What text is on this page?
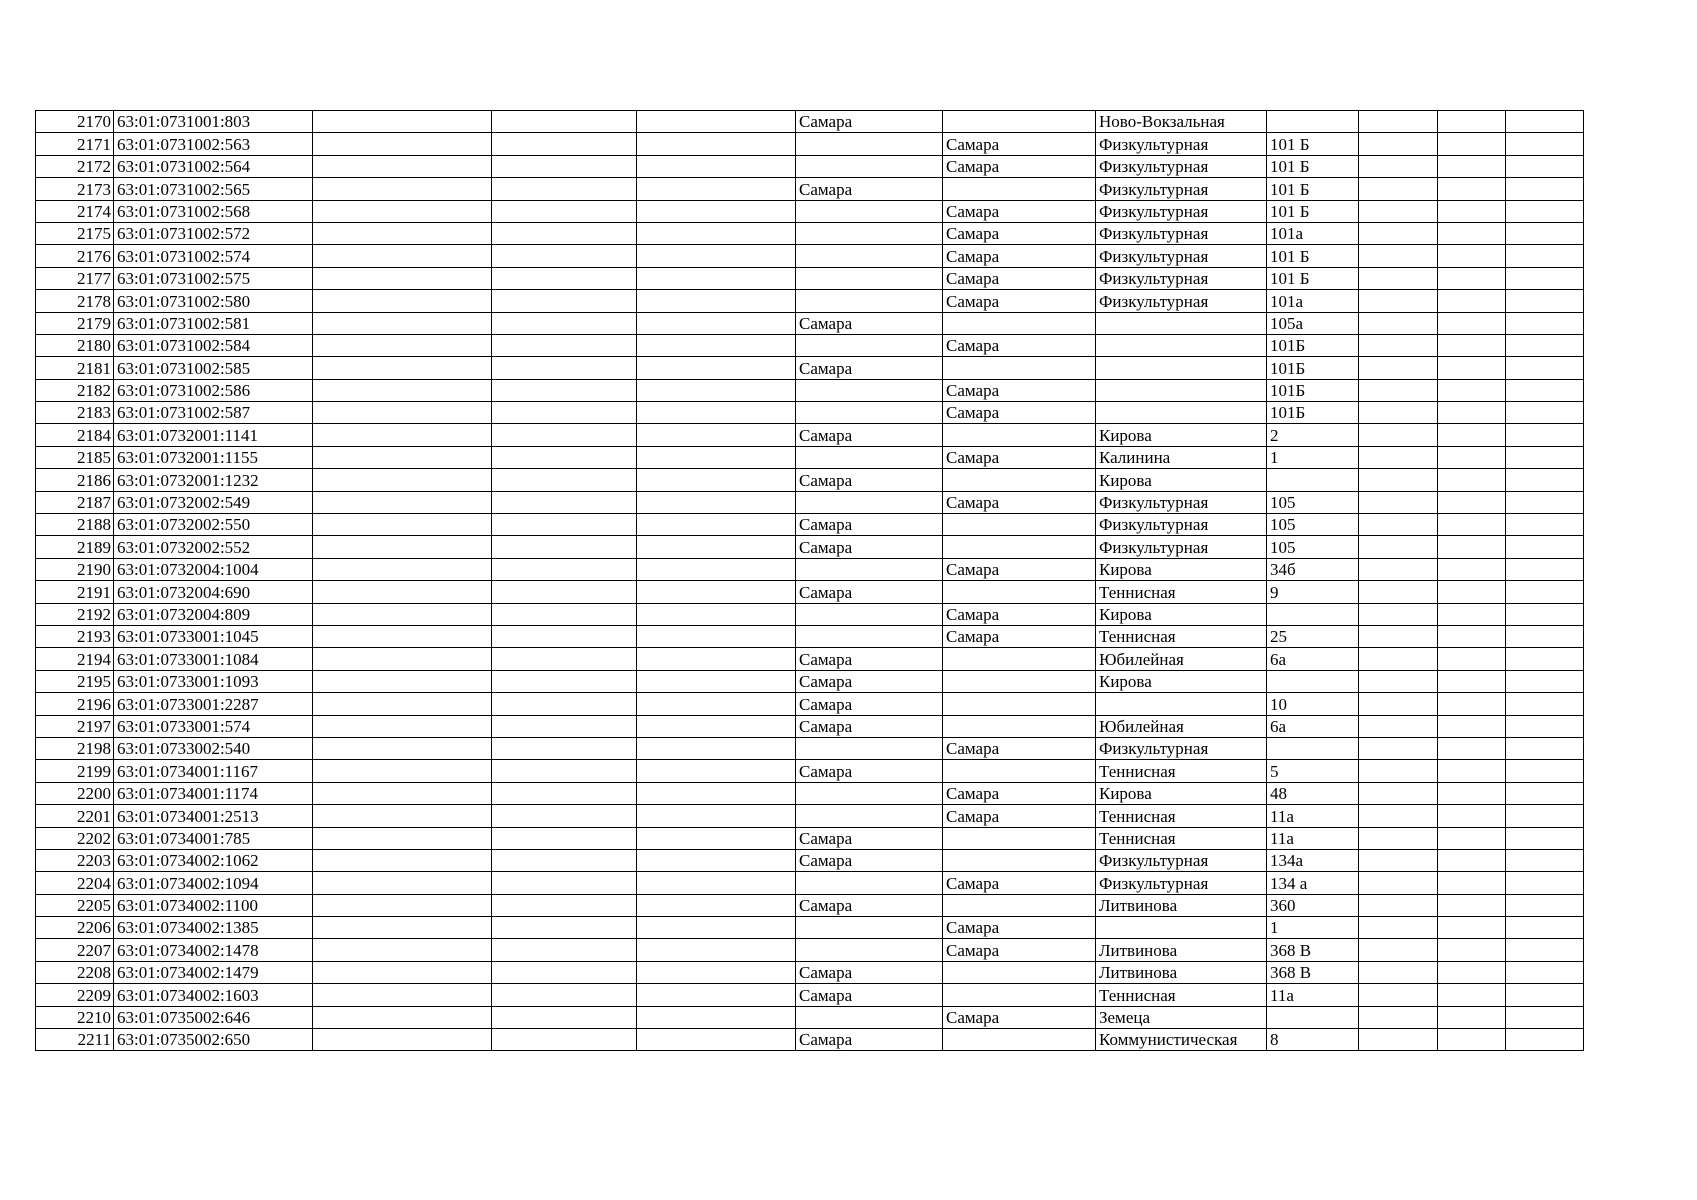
2170	63:01:0731001:803				Самара		Ново-Вокзальная				
2171	63:01:0731002:563					Самара	Физкультурная	101 Б			
2172	63:01:0731002:564					Самара	Физкультурная	101 Б			
2173	63:01:0731002:565				Самара		Физкультурная	101 Б			
2174	63:01:0731002:568					Самара	Физкультурная	101 Б			
2175	63:01:0731002:572					Самара	Физкультурная	101а			
2176	63:01:0731002:574					Самара	Физкультурная	101 Б			
2177	63:01:0731002:575					Самара	Физкультурная	101 Б			
2178	63:01:0731002:580					Самара	Физкультурная	101а			
2179	63:01:0731002:581				Самара			105а			
2180	63:01:0731002:584					Самара		101Б			
2181	63:01:0731002:585				Самара			101Б			
2182	63:01:0731002:586					Самара		101Б			
2183	63:01:0731002:587					Самара		101Б			
2184	63:01:0732001:1141				Самара		Кирова	2			
2185	63:01:0732001:1155					Самара	Калинина	1			
2186	63:01:0732001:1232				Самара		Кирова				
2187	63:01:0732002:549					Самара	Физкультурная	105			
2188	63:01:0732002:550				Самара		Физкультурная	105			
2189	63:01:0732002:552				Самара		Физкультурная	105			
2190	63:01:0732004:1004					Самара	Кирова	34б			
2191	63:01:0732004:690				Самара		Теннисная	9			
2192	63:01:0732004:809					Самара	Кирова				
2193	63:01:0733001:1045					Самара	Теннисная	25			
2194	63:01:0733001:1084				Самара		Юбилейная	6а			
2195	63:01:0733001:1093				Самара		Кирова				
2196	63:01:0733001:2287				Самара			10			
2197	63:01:0733001:574				Самара		Юбилейная	6а			
2198	63:01:0733002:540					Самара	Физкультурная				
2199	63:01:0734001:1167				Самара		Теннисная	5			
2200	63:01:0734001:1174					Самара	Кирова	48			
2201	63:01:0734001:2513					Самара	Теннисная	11а			
2202	63:01:0734001:785				Самара		Теннисная	11а			
2203	63:01:0734002:1062				Самара		Физкультурная	134а			
2204	63:01:0734002:1094					Самара	Физкультурная	134 а			
2205	63:01:0734002:1100				Самара		Литвинова	360			
2206	63:01:0734002:1385					Самара		1			
2207	63:01:0734002:1478					Самара	Литвинова	368 В			
2208	63:01:0734002:1479				Самара		Литвинова	368 В			
2209	63:01:0734002:1603				Самара		Теннисная	11а			
2210	63:01:0735002:646					Самара	Земеца				
2211	63:01:0735002:650				Самара		Коммунистическая	8			
